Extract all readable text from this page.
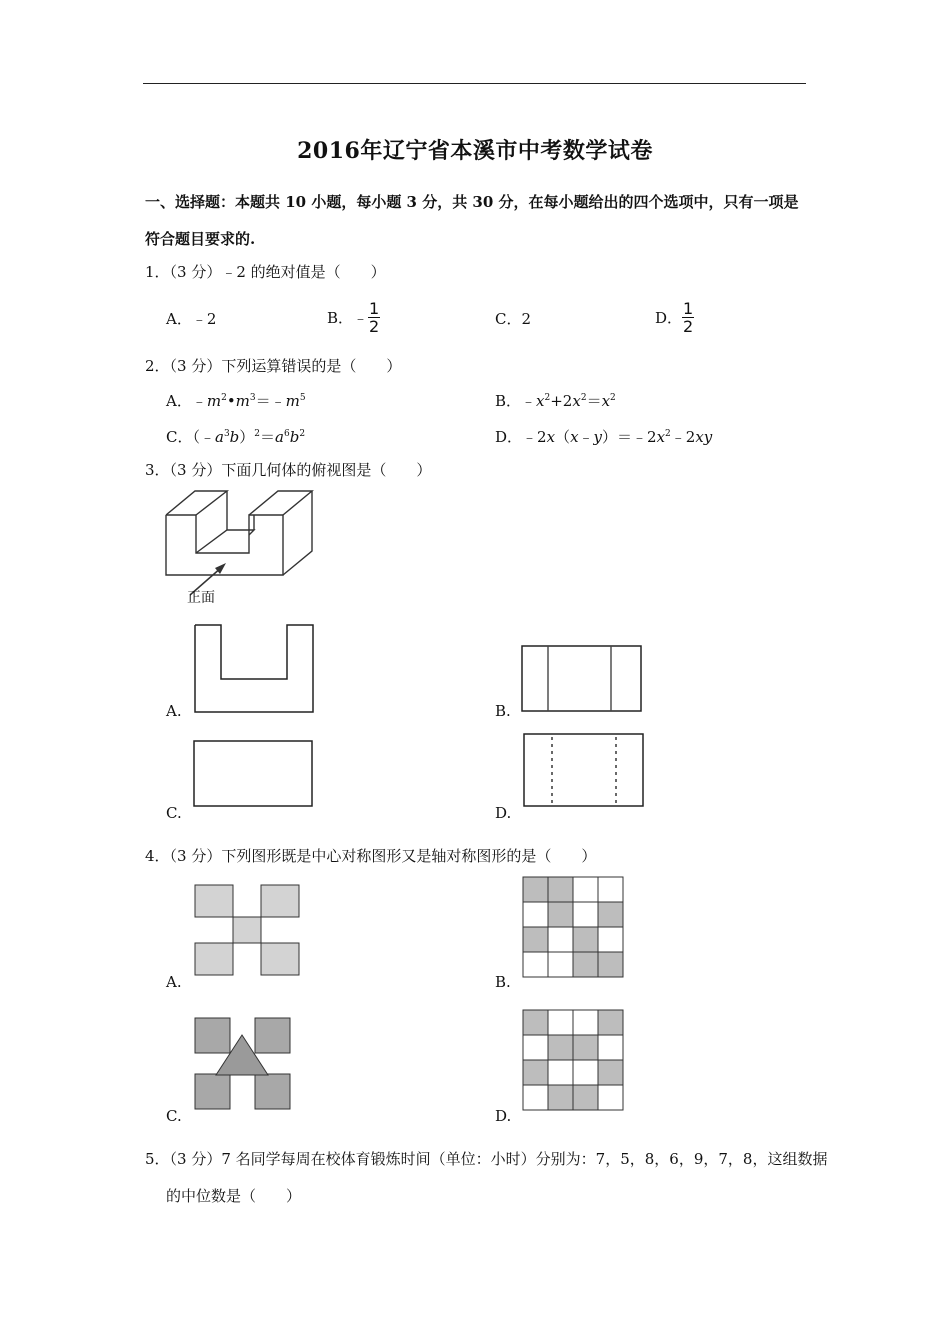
2016年辽宁省本溪市中考数学试卷
一、选择题：本题共 10 小题，每小题 3 分，共 30 分，在每小题给出的四个选项中，只有一项是
符合题目要求的.
1．（3 分）﹣2 的绝对值是（　　）
A．﹣2	B．﹣ $\frac{1}{2}$	C．2	D． $\frac{1}{2}$
2．（3 分）下列运算错误的是（　　）
A．$﹣m^2•m^3=﹣m^5$	B．$﹣x^2+2x^2=x^2$
C．$(﹣a^3b)^2=a^6b^2$	D．$﹣2x(x﹣y)=﹣2x^2﹣2xy$
3．（3 分）下面几何体的俯视图是（　　）
正面
A.	B.
C.	D.
4．（3 分）下列图形既是中心对称图形又是轴对称图形的是（　　）
A.	B.
C.	D.
5．（3 分）7 名同学每周在校体育锻炼时间（单位：小时）分别为：7，5，8，6，9，7，8，这组数据
的中位数是（　　）
